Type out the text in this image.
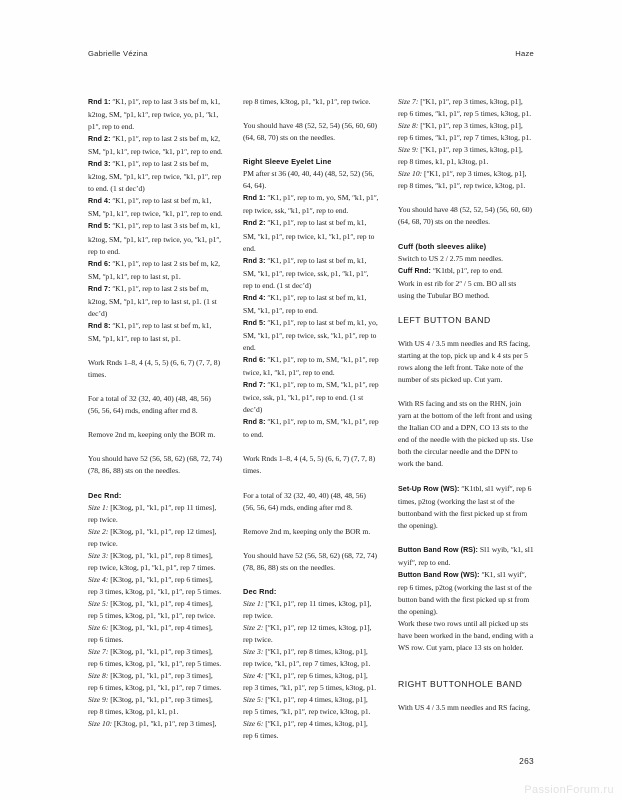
Gabrielle Vézina	Haze

Rnd 1: ʺK1, p1ʺ, rep to last 3 sts bef m, k1, k2tog, SM, ʺp1, k1ʺ, rep twice, yo, p1, ʺk1, p1ʺ, rep to end.

Rnd 2: ʺK1, p1ʺ, rep to last 2 sts bef m, k2, SM, ʺp1, k1ʺ, rep twice, ʺk1, p1ʺ, rep to end.

Rnd 3: ʺK1, p1ʺ, rep to last 2 sts bef m, k2tog, SM, ʺp1, k1ʺ, rep twice, ʺk1, p1ʺ, rep to end. (1 st dec’d)

Rnd 4: ʺK1, p1ʺ, rep to last st bef m, k1, SM, ʺp1, k1ʺ, rep twice, ʺk1, p1ʺ, rep to end.

Rnd 5: ʺK1, p1ʺ, rep to last 3 sts bef m, k1, k2tog, SM, ʺp1, k1ʺ, rep twice, yo, ʺk1, p1ʺ, rep to end.

Rnd 6: ʺK1, p1ʺ, rep to last 2 sts bef m, k2, SM, ʺp1, k1ʺ, rep to last st, p1.

Rnd 7: ʺK1, p1ʺ, rep to last 2 sts bef m, k2tog, SM, ʺp1, k1ʺ, rep to last st, p1. (1 st dec’d)

Rnd 8: ʺK1, p1ʺ, rep to last st bef m, k1, SM, ʺp1, k1ʺ, rep to last st, p1.

Work Rnds 1–8, 4 (4, 5, 5) (6, 6, 7) (7, 7, 8) times.

For a total of 32 (32, 40, 40) (48, 48, 56) (56, 56, 64) rnds, ending after rnd 8.

Remove 2nd m, keeping only the BOR m.

You should have 52 (56, 58, 62) (68, 72, 74) (78, 86, 88) sts on the needles.

Dec Rnd:

Size 1: [K3tog, p1, ʺk1, p1ʺ, rep 11 times], rep twice.

Size 2: [K3tog, p1, ʺk1, p1ʺ, rep 12 times], rep twice.

Size 3: [K3tog, p1, ʺk1, p1ʺ, rep 8 times], rep twice, k3tog, p1, ʺk1, p1ʺ, rep 7 times.

Size 4: [K3tog, p1, ʺk1, p1ʺ, rep 6 times], rep 3 times, k3tog, p1, ʺk1, p1ʺ, rep 5 times.

Size 5: [K3tog, p1, ʺk1, p1ʺ, rep 4 times], rep 5 times, k3tog, p1, ʺk1, p1ʺ, rep twice.

Size 6: [K3tog, p1, ʺk1, p1ʺ, rep 4 times], rep 6 times.

Size 7: [K3tog, p1, ʺk1, p1ʺ, rep 3 times], rep 6 times, k3tog, p1, ʺk1, p1ʺ, rep 5 times.

Size 8: [K3tog, p1, ʺk1, p1ʺ, rep 3 times], rep 6 times, k3tog, p1, ʺk1, p1ʺ, rep 7 times.

Size 9: [K3tog, p1, ʺk1, p1ʺ, rep 3 times], rep 8 times, k3tog, p1, k1, p1.

Size 10: [K3tog, p1, ʺk1, p1ʺ, rep 3 times],

rep 8 times, k3tog, p1, ʺk1, p1ʺ, rep twice.

You should have 48 (52, 52, 54) (56, 60, 60) (64, 68, 70) sts on the needles.

Right Sleeve Eyelet Line

PM after st 36 (40, 40, 44) (48, 52, 52) (56, 64, 64).

Rnd 1: ʺK1, p1ʺ, rep to m, yo, SM, ʺk1, p1ʺ, rep twice, ssk, ʺk1, p1ʺ, rep to end.

Rnd 2: ʺK1, p1ʺ, rep to last st bef m, k1, SM, ʺk1, p1ʺ, rep twice, k1, ʺk1, p1ʺ, rep to end.

Rnd 3: ʺK1, p1ʺ, rep to last st bef m, k1, SM, ʺk1, p1ʺ, rep twice, ssk, p1, ʺk1, p1ʺ, rep to end. (1 st dec’d)

Rnd 4: ʺK1, p1ʺ, rep to last st bef m, k1, SM, ʺk1, p1ʺ, rep to end.

Rnd 5: ʺK1, p1ʺ, rep to last st bef m, k1, yo, SM, ʺk1, p1ʺ, rep twice, ssk, ʺk1, p1ʺ, rep to end.

Rnd 6: ʺK1, p1ʺ, rep to m, SM, ʺk1, p1ʺ, rep twice, k1, ʺk1, p1ʺ, rep to end.

Rnd 7: ʺK1, p1ʺ, rep to m, SM, ʺk1, p1ʺ, rep twice, ssk, p1, ʺk1, p1ʺ, rep to end. (1 st dec’d)

Rnd 8: ʺK1, p1ʺ, rep to m, SM, ʺk1, p1ʺ, rep to end.

Work Rnds 1–8, 4 (4, 5, 5) (6, 6, 7) (7, 7, 8) times.

For a total of 32 (32, 40, 40) (48, 48, 56) (56, 56, 64) rnds, ending after rnd 8.

Remove 2nd m, keeping only the BOR m.

You should have 52 (56, 58, 62) (68, 72, 74) (78, 86, 88) sts on the needles.

Dec Rnd:

Size 1: [ʺK1, p1ʺ, rep 11 times, k3tog, p1], rep twice.

Size 2: [ʺK1, p1ʺ, rep 12 times, k3tog, p1], rep twice.

Size 3: [ʺK1, p1ʺ, rep 8 times, k3tog, p1], rep twice, ʺk1, p1ʺ, rep 7 times, k3tog, p1.

Size 4: [ʺK1, p1ʺ, rep 6 times, k3tog, p1], rep 3 times, ʺk1, p1ʺ, rep 5 times, k3tog, p1.

Size 5: [ʺK1, p1ʺ, rep 4 times, k3tog, p1], rep 5 times, ʺk1, p1ʺ, rep twice, k3tog, p1.

Size 6: [ʺK1, p1ʺ, rep 4 times, k3tog, p1], rep 6 times.

Size 7: [ʺK1, p1ʺ, rep 3 times, k3tog, p1], rep 6 times, ʺk1, p1ʺ, rep 5 times, k3tog, p1.

Size 8: [ʺK1, p1ʺ, rep 3 times, k3tog, p1], rep 6 times, ʺk1, p1ʺ, rep 7 times, k3tog, p1.

Size 9: [ʺK1, p1ʺ, rep 3 times, k3tog, p1], rep 8 times, k1, p1, k3tog, p1.

Size 10: [ʺK1, p1ʺ, rep 3 times, k3tog, p1], rep 8 times, ʺk1, p1ʺ, rep twice, k3tog, p1.

You should have 48 (52, 52, 54) (56, 60, 60) (64, 68, 70) sts on the needles.

Cuff (both sleeves alike)

Switch to US 2 / 2.75 mm needles.

Cuff Rnd: ʺK1tbl, p1ʺ, rep to end.

Work in est rib for 2ʺ / 5 cm. BO all sts using the Tubular BO method.

LEFT BUTTON BAND

With US 4 / 3.5 mm needles and RS facing, starting at the top, pick up and k 4 sts per 5 rows along the left front. Take note of the number of sts picked up. Cut yarn.

With RS facing and sts on the RHN, join yarn at the bottom of the left front and using the Italian CO and a DPN, CO 13 sts to the end of the needle with the picked up sts. Use both the circular needle and the DPN to work the band.

Set-Up Row (WS): ʺK1tbl, sl1 wyifʺ, rep 6 times, p2tog (working the last st of the buttonband with the first picked up st from the opening).

Button Band Row (RS): Sl1 wyib, ʺk1, sl1 wyifʺ, rep to end.

Button Band Row (WS): ʺK1, sl1 wyifʺ, rep 6 times, p2tog (working the last st of the button band with the first picked up st from the opening).

Work these two rows until all picked up sts have been worked in the band, ending with a WS row. Cut yarn, place 13 sts on holder.

RIGHT BUTTONHOLE BAND

With US 4 / 3.5 mm needles and RS facing,

263
PassionForum.ru
